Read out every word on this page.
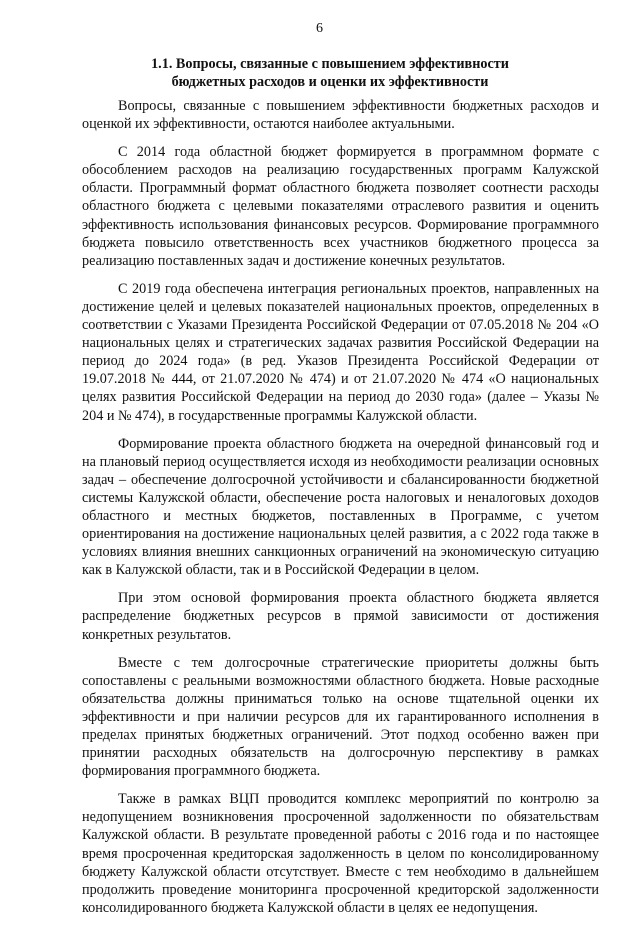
6
1.1. Вопросы, связанные с повышением эффективности
бюджетных расходов и оценки их эффективности

Вопросы, связанные с повышением эффективности бюджетных расходов и оценкой их эффективности, остаются наиболее актуальными.

С 2014 года областной бюджет формируется в программном формате с обособлением расходов на реализацию государственных программ Калужской области. Программный формат областного бюджета позволяет соотнести расходы областного бюджета с целевыми показателями отраслевого развития и оценить эффективность использования финансовых ресурсов. Формирование программного бюджета повысило ответственность всех участников бюджетного процесса за реализацию поставленных задач и достижение конечных результатов.

С 2019 года обеспечена интеграция региональных проектов, направленных на достижение целей и целевых показателей национальных проектов, определенных в соответствии с Указами Президента Российской Федерации от 07.05.2018 № 204 «О национальных целях и стратегических задачах развития Российской Федерации на период до 2024 года» (в ред. Указов Президента Российской Федерации от 19.07.2018 № 444, от 21.07.2020 № 474) и от 21.07.2020 № 474 «О национальных целях развития Российской Федерации на период до 2030 года» (далее – Указы № 204 и № 474), в государственные программы Калужской области.

Формирование проекта областного бюджета на очередной финансовый год и на плановый период осуществляется исходя из необходимости реализации основных задач – обеспечение долгосрочной устойчивости и сбалансированности бюджетной системы Калужской области, обеспечение роста налоговых и неналоговых доходов областного и местных бюджетов, поставленных в Программе, с учетом ориентирования на достижение национальных целей развития, а с 2022 года также в условиях влияния внешних санкционных ограничений на экономическую ситуацию как в Калужской области, так и в Российской Федерации в целом.

При этом основой формирования проекта областного бюджета является распределение бюджетных ресурсов в прямой зависимости от достижения конкретных результатов.

Вместе с тем долгосрочные стратегические приоритеты должны быть сопоставлены с реальными возможностями областного бюджета. Новые расходные обязательства должны приниматься только на основе тщательной оценки их эффективности и при наличии ресурсов для их гарантированного исполнения в пределах принятых бюджетных ограничений. Этот подход особенно важен при принятии расходных обязательств на долгосрочную перспективу в рамках формирования программного бюджета.

Также в рамках ВЦП проводится комплекс мероприятий по контролю за недопущением возникновения просроченной задолженности по обязательствам Калужской области. В результате проведенной работы с 2016 года и по настоящее время просроченная кредиторская задолженность в целом по консолидированному бюджету Калужской области отсутствует. Вместе с тем необходимо в дальнейшем продолжить проведение мониторинга просроченной кредиторской задолженности консолидированного бюджета Калужской области в целях ее недопущения.
